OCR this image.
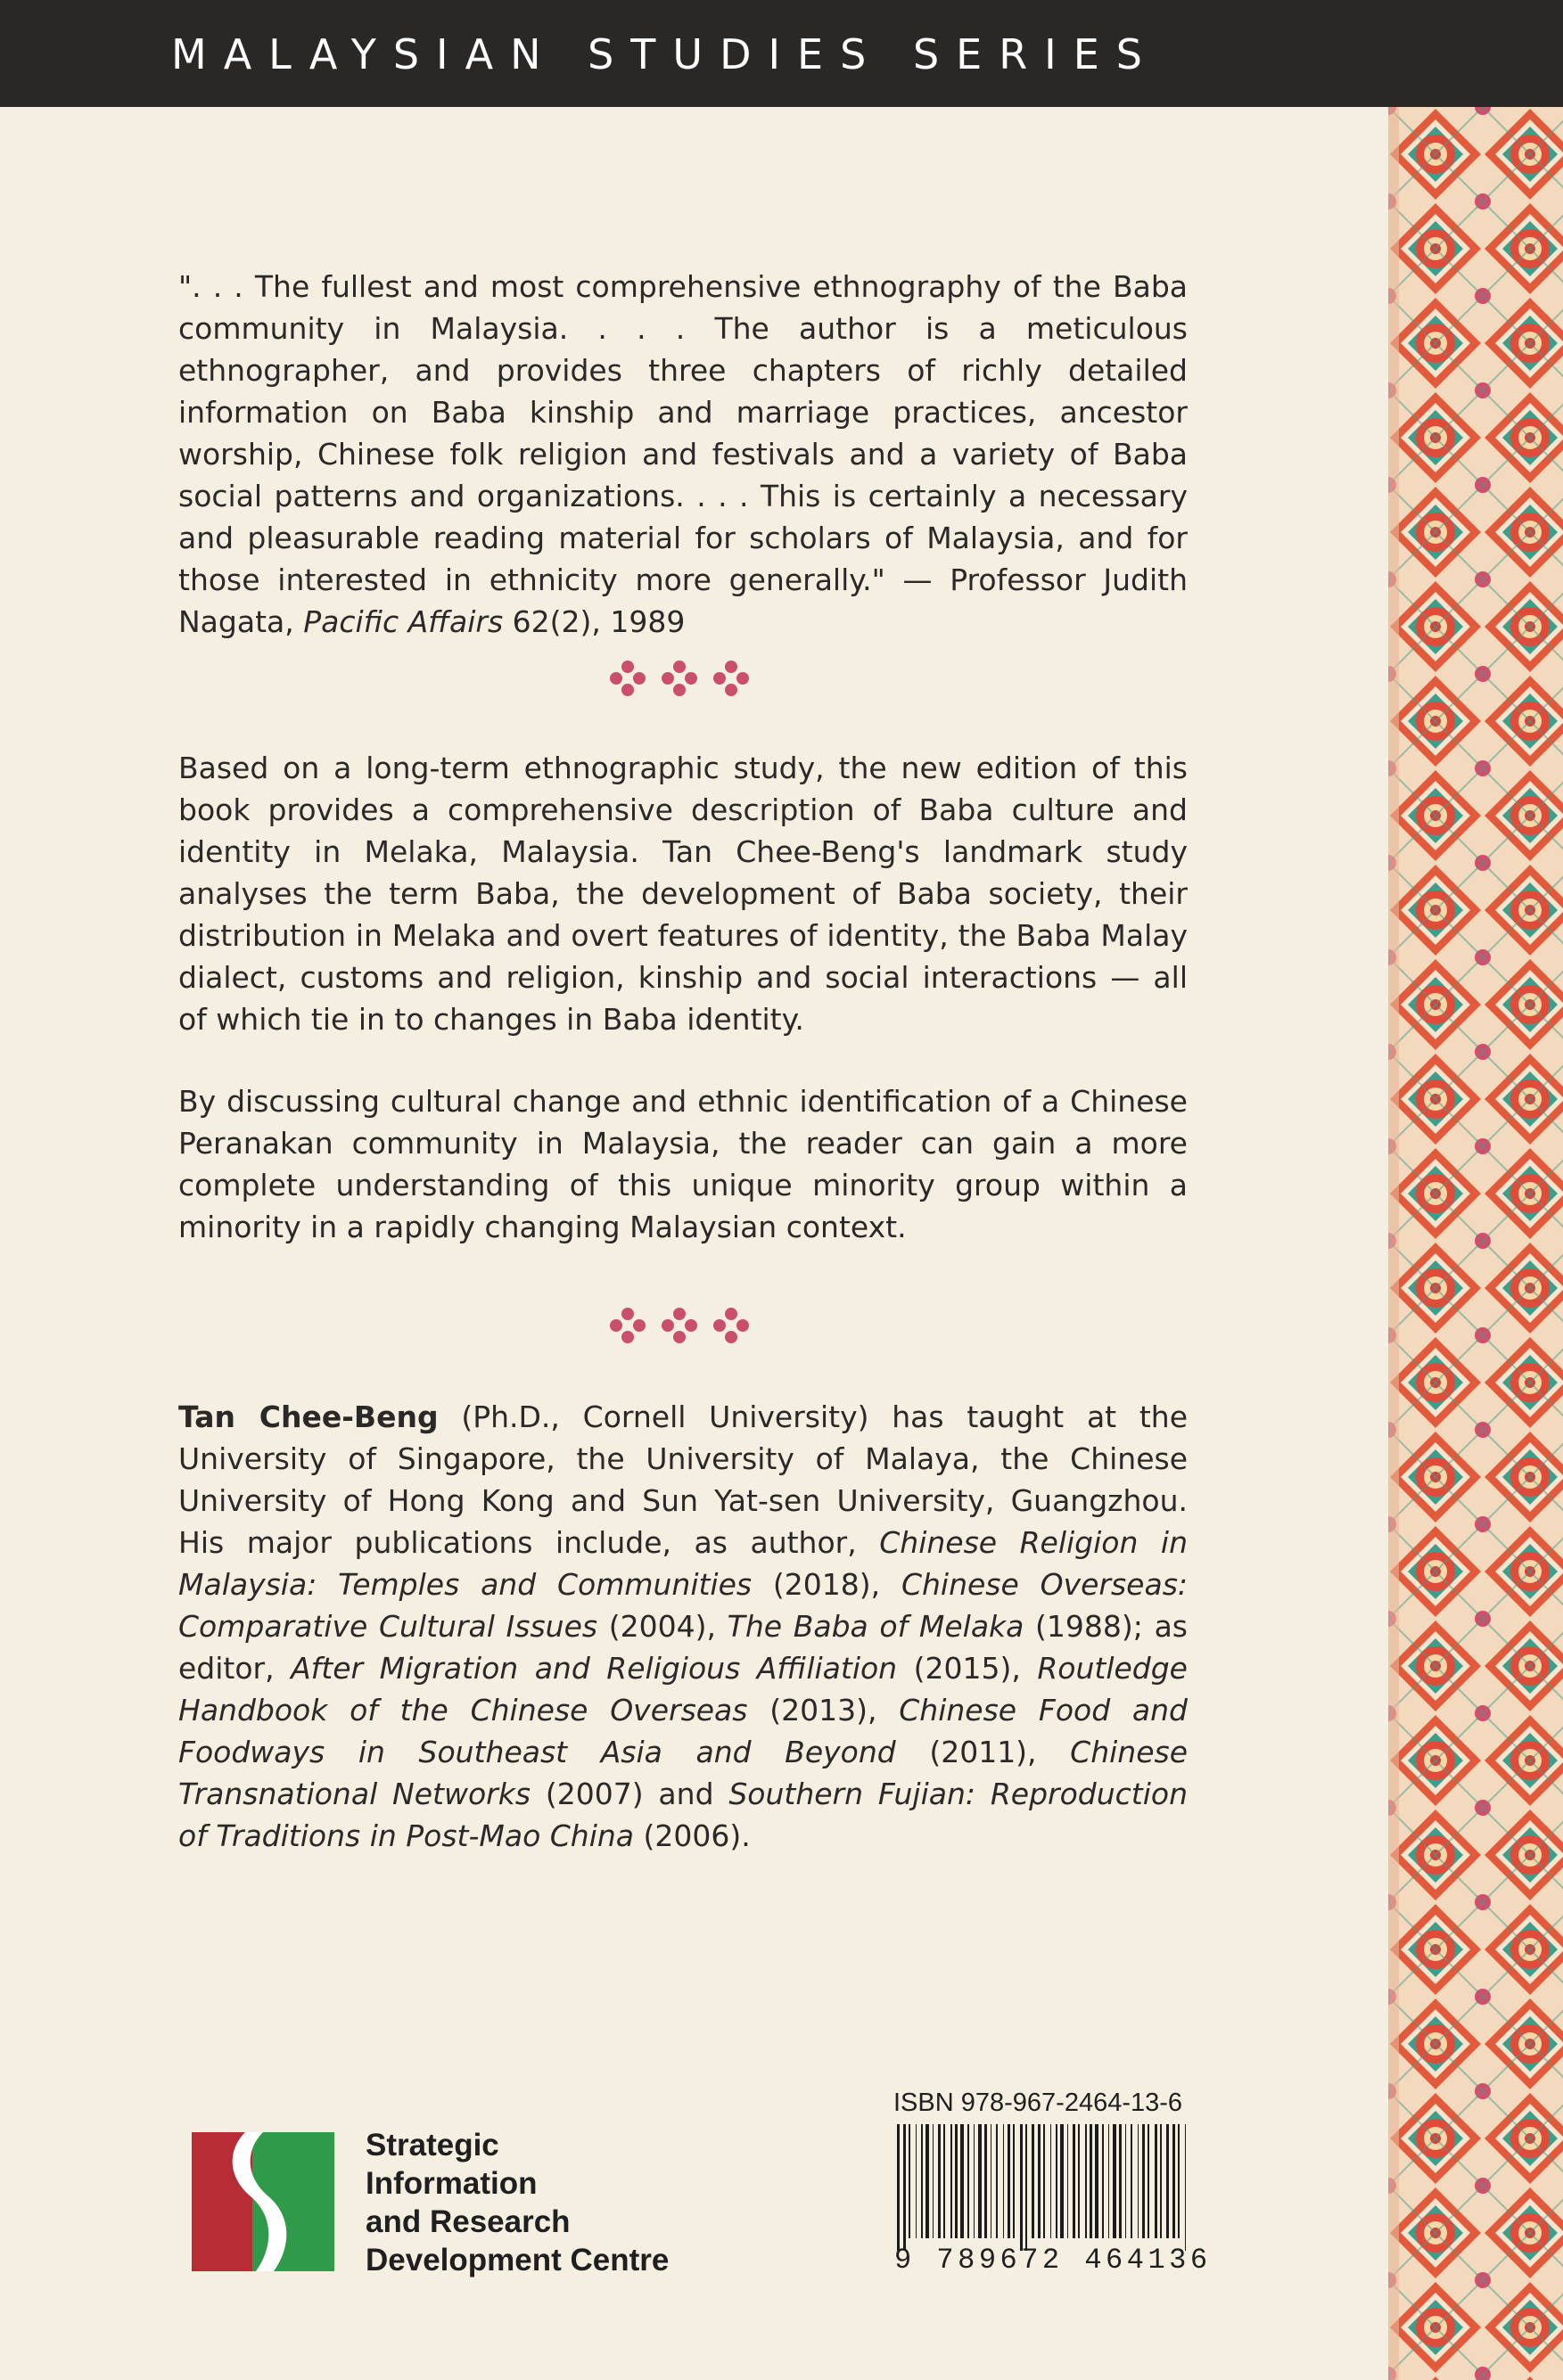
MALAYSIAN STUDIES SERIES

". . . The fullest and most comprehensive ethnography of the Baba community in Malaysia. . . . The author is a meticulous ethnographer, and provides three chapters of richly detailed information on Baba kinship and marriage practices, ancestor worship, Chinese folk religion and festivals and a variety of Baba social patterns and organizations. . . . This is certainly a necessary and pleasurable reading material for scholars of Malaysia, and for those interested in ethnicity more generally." — Professor Judith Nagata, Pacific Affairs 62(2), 1989

Based on a long-term ethnographic study, the new edition of this book provides a comprehensive description of Baba culture and identity in Melaka, Malaysia. Tan Chee-Beng's landmark study analyses the term Baba, the development of Baba society, their distribution in Melaka and overt features of identity, the Baba Malay dialect, customs and religion, kinship and social interactions — all of which tie in to changes in Baba identity.

By discussing cultural change and ethnic identification of a Chinese Peranakan community in Malaysia, the reader can gain a more complete understanding of this unique minority group within a minority in a rapidly changing Malaysian context.

Tan Chee-Beng (Ph.D., Cornell University) has taught at the University of Singapore, the University of Malaya, the Chinese University of Hong Kong and Sun Yat-sen University, Guangzhou. His major publications include, as author, Chinese Religion in Malaysia: Temples and Communities (2018), Chinese Overseas: Comparative Cultural Issues (2004), The Baba of Melaka (1988); as editor, After Migration and Religious Affiliation (2015), Routledge Handbook of the Chinese Overseas (2013), Chinese Food and Foodways in Southeast Asia and Beyond (2011), Chinese Transnational Networks (2007) and Southern Fujian: Reproduction of Traditions in Post-Mao China (2006).

Strategic
Information
and Research
Development Centre
ISBN 978-967-2464-13-6
9 789672 464136
